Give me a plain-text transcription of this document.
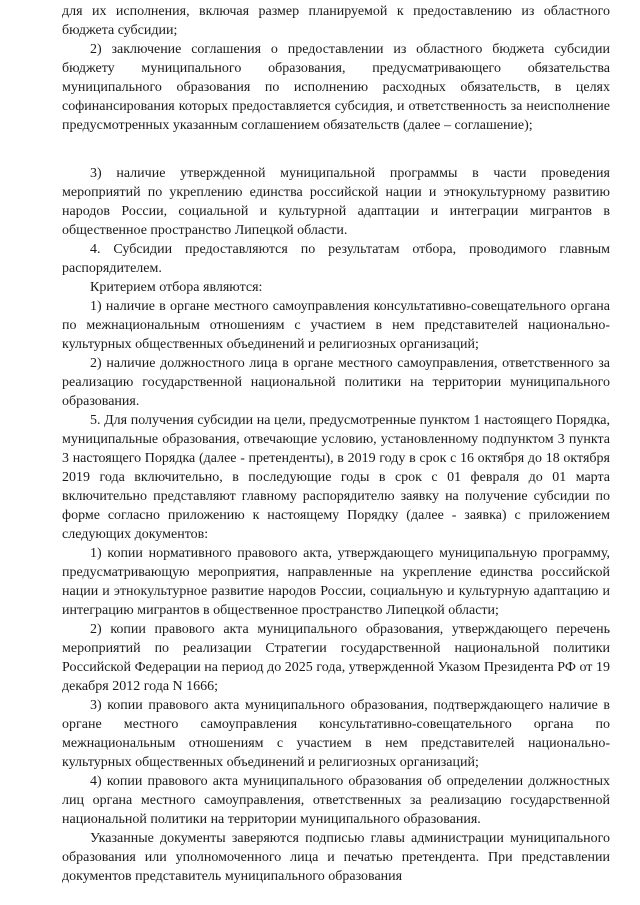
для их исполнения, включая размер планируемой к предоставлению из областного бюджета субсидии;

2) заключение соглашения о предоставлении из областного бюджета субсидии бюджету муниципального образования, предусматривающего обязательства муниципального образования по исполнению расходных обязательств, в целях софинансирования которых предоставляется субсидия, и ответственность за неисполнение предусмотренных указанным соглашением обязательств (далее – соглашение);

3) наличие утвержденной муниципальной программы в части проведения мероприятий по укреплению единства российской нации и этнокультурному развитию народов России, социальной и культурной адаптации и интеграции мигрантов в общественное пространство Липецкой области.

4. Субсидии предоставляются по результатам отбора, проводимого главным распорядителем.

Критерием отбора являются:

1) наличие в органе местного самоуправления консультативно-совещательного органа по межнациональным отношениям с участием в нем представителей национально-культурных общественных объединений и религиозных организаций;

2) наличие должностного лица в органе местного самоуправления, ответственного за реализацию государственной национальной политики на территории муниципального образования.

5. Для получения субсидии на цели, предусмотренные пунктом 1 настоящего Порядка, муниципальные образования, отвечающие условию, установленному подпунктом 3 пункта 3 настоящего Порядка (далее - претенденты), в 2019 году в срок с 16 октября до 18 октября 2019 года включительно, в последующие годы в срок с 01 февраля до 01 марта включительно представляют главному распорядителю заявку на получение субсидии по форме согласно приложению к настоящему Порядку (далее - заявка) с приложением следующих документов:

1) копии нормативного правового акта, утверждающего муниципальную программу, предусматривающую мероприятия, направленные на укрепление единства российской нации и этнокультурное развитие народов России, социальную и культурную адаптацию и интеграцию мигрантов в общественное пространство Липецкой области;

2) копии правового акта муниципального образования, утверждающего перечень мероприятий по реализации Стратегии государственной национальной политики Российской Федерации на период до 2025 года, утвержденной Указом Президента РФ от 19 декабря 2012 года N 1666;

3) копии правового акта муниципального образования, подтверждающего наличие в органе местного самоуправления консультативно-совещательного органа по межнациональным отношениям с участием в нем представителей национально-культурных общественных объединений и религиозных организаций;

4) копии правового акта муниципального образования об определении должностных лиц органа местного самоуправления, ответственных за реализацию государственной национальной политики на территории муниципального образования.

Указанные документы заверяются подписью главы администрации муниципального образования или уполномоченного лица и печатью претендента. При представлении документов представитель муниципального образования
